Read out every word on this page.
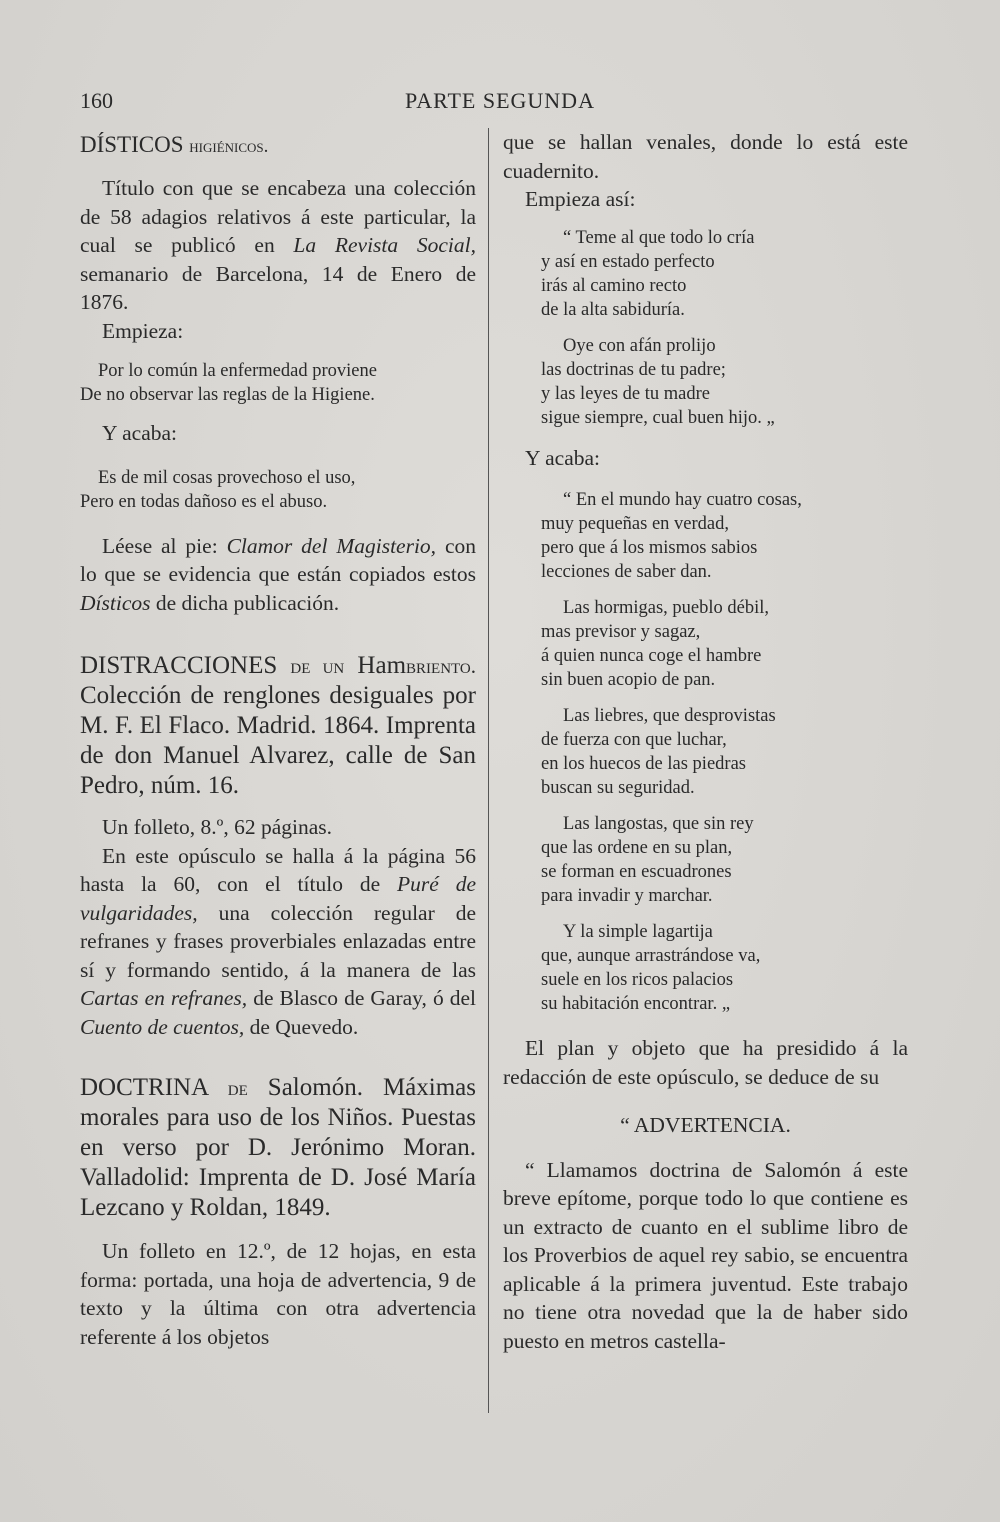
160	PARTE SEGUNDA
DÍSTICOS higiénicos.

Título con que se encabeza una colección de 58 adagios relativos á este particular, la cual se publicó en La Revista Social, semanario de Barcelona, 14 de Enero de 1876.

Empieza:

Por lo común la enfermedad proviene
De no observar las reglas de la Higiene.

Y acaba:

Es de mil cosas provechoso el uso,
Pero en todas dañoso es el abuso.

Léese al pie: Clamor del Magisterio, con lo que se evidencia que están copiados estos Dísticos de dicha publicación.

DISTRACCIONES de un Hambriento. Colección de renglones desiguales por M. F. El Flaco. Madrid. 1864. Imprenta de don Manuel Alvarez, calle de San Pedro, núm. 16.

Un folleto, 8.º, 62 páginas.

En este opúsculo se halla á la página 56 hasta la 60, con el título de Puré de vulgaridades, una colección regular de refranes y frases proverbiales enlazadas entre sí y formando sentido, á la manera de las Cartas en refranes, de Blasco de Garay, ó del Cuento de cuentos, de Quevedo.

DOCTRINA de Salomón. Máximas morales para uso de los Niños. Puestas en verso por D. Jerónimo Moran. Valladolid: Imprenta de D. José María Lezcano y Roldan, 1849.

Un folleto en 12.º, de 12 hojas, en esta forma: portada, una hoja de advertencia, 9 de texto y la última con otra advertencia referente á los objetos

que se hallan venales, donde lo está este cuadernito.

Empieza así:

“ Teme al que todo lo cría
y así en estado perfecto
irás al camino recto
de la alta sabiduría.
Oye con afán prolijo
las doctrinas de tu padre;
y las leyes de tu madre
sigue siempre, cual buen hijo. „

Y acaba:

“ En el mundo hay cuatro cosas,
muy pequeñas en verdad,
pero que á los mismos sabios
lecciones de saber dan.
Las hormigas, pueblo débil,
mas previsor y sagaz,
á quien nunca coge el hambre
sin buen acopio de pan.
Las liebres, que desprovistas
de fuerza con que luchar,
en los huecos de las piedras
buscan su seguridad.
Las langostas, que sin rey
que las ordene en su plan,
se forman en escuadrones
para invadir y marchar.
Y la simple lagartija
que, aunque arrastrándose va,
suele en los ricos palacios
su habitación encontrar. „

El plan y objeto que ha presidido á la redacción de este opúsculo, se deduce de su

“ ADVERTENCIA.

“ Llamamos doctrina de Salomón á este breve epítome, porque todo lo que contiene es un extracto de cuanto en el sublime libro de los Proverbios de aquel rey sabio, se encuentra aplicable á la primera juventud. Este trabajo no tiene otra novedad que la de haber sido puesto en metros castella-
